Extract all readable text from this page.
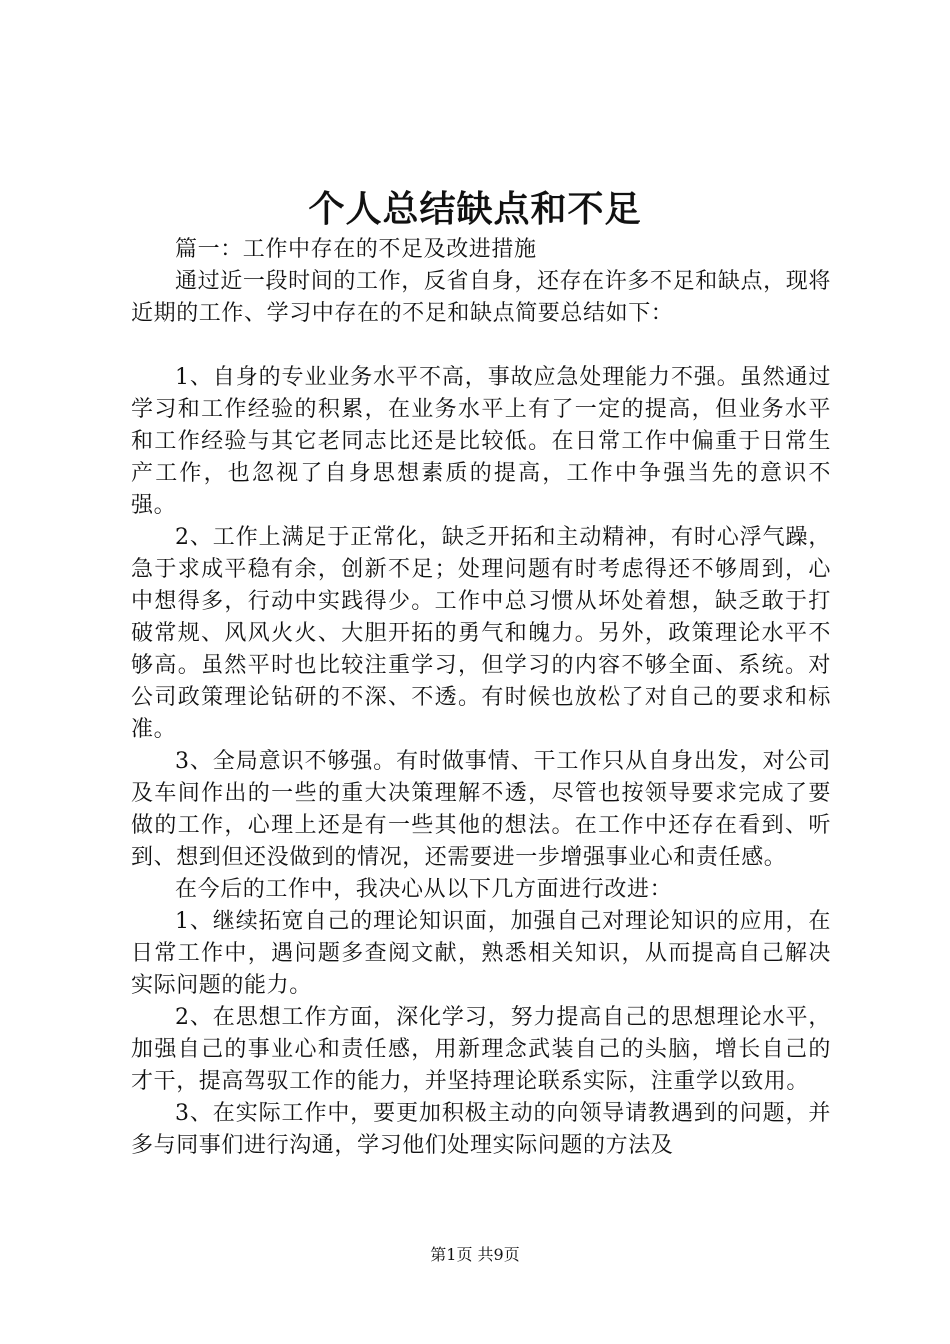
个人总结缺点和不足

篇一：工作中存在的不足及改进措施

通过近一段时间的工作，反省自身，还存在许多不足和缺点，现将近期的工作、学习中存在的不足和缺点简要总结如下：

1、自身的专业业务水平不高，事故应急处理能力不强。虽然通过学习和工作经验的积累，在业务水平上有了一定的提高，但业务水平和工作经验与其它老同志比还是比较低。在日常工作中偏重于日常生产工作，也忽视了自身思想素质的提高，工作中争强当先的意识不强。

2、工作上满足于正常化，缺乏开拓和主动精神，有时心浮气躁，急于求成平稳有余，创新不足；处理问题有时考虑得还不够周到，心中想得多，行动中实践得少。工作中总习惯从坏处着想，缺乏敢于打破常规、风风火火、大胆开拓的勇气和魄力。另外，政策理论水平不够高。虽然平时也比较注重学习，但学习的内容不够全面、系统。对公司政策理论钻研的不深、不透。有时候也放松了对自己的要求和标准。

3、全局意识不够强。有时做事情、干工作只从自身出发，对公司及车间作出的一些的重大决策理解不透，尽管也按领导要求完成了要做的工作，心理上还是有一些其他的想法。在工作中还存在看到、听到、想到但还没做到的情况，还需要进一步增强事业心和责任感。

在今后的工作中，我决心从以下几方面进行改进：

1、继续拓宽自己的理论知识面，加强自己对理论知识的应用，在日常工作中，遇问题多查阅文献，熟悉相关知识，从而提高自己解决实际问题的能力。

2、在思想工作方面，深化学习，努力提高自己的思想理论水平，加强自己的事业心和责任感，用新理念武装自己的头脑，增长自己的才干，提高驾驭工作的能力，并坚持理论联系实际，注重学以致用。

3、在实际工作中，要更加积极主动的向领导请教遇到的问题，并多与同事们进行沟通，学习他们处理实际问题的方法及

第1页 共9页
